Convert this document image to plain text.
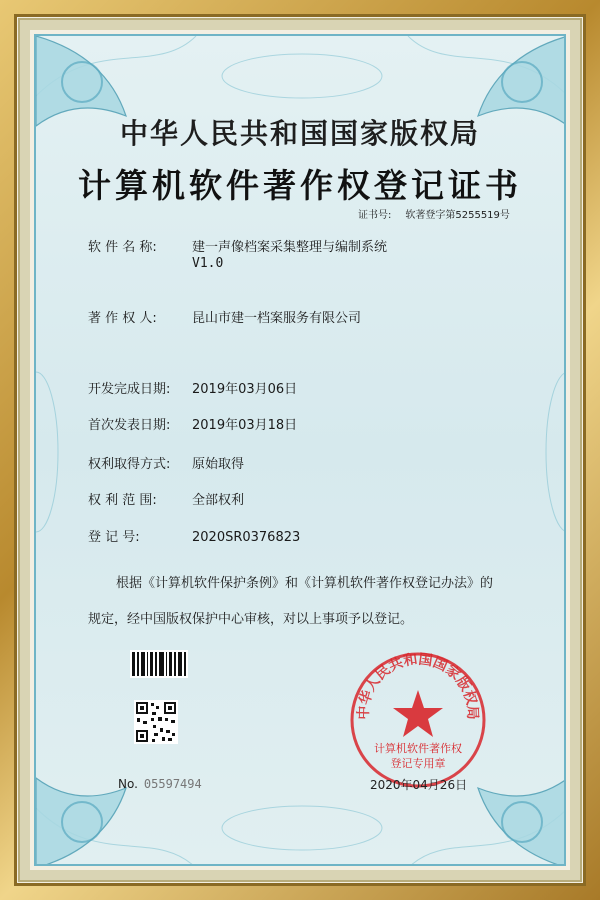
中华人民共和国国家版权局
计算机软件著作权登记证书
证书号: 软著登字第5255519号
软 件 名 称:	建一声像档案采集整理与编制系统
V1.0
著 作 权 人:	昆山市建一档案服务有限公司
开发完成日期: 2019年03月06日
首次发表日期: 2019年03月18日
权利取得方式: 原始取得
权 利 范 围:	全部权利
登 记 号:	2020SR0376823
根据《计算机软件保护条例》和《计算机软件著作权登记办法》的
规定，经中国版权保护中心审核，对以上事项予以登记。
No. 05597494
中华人民共和国国家版权局
计算机软件著作权
登记专用章
2020年04月26日
